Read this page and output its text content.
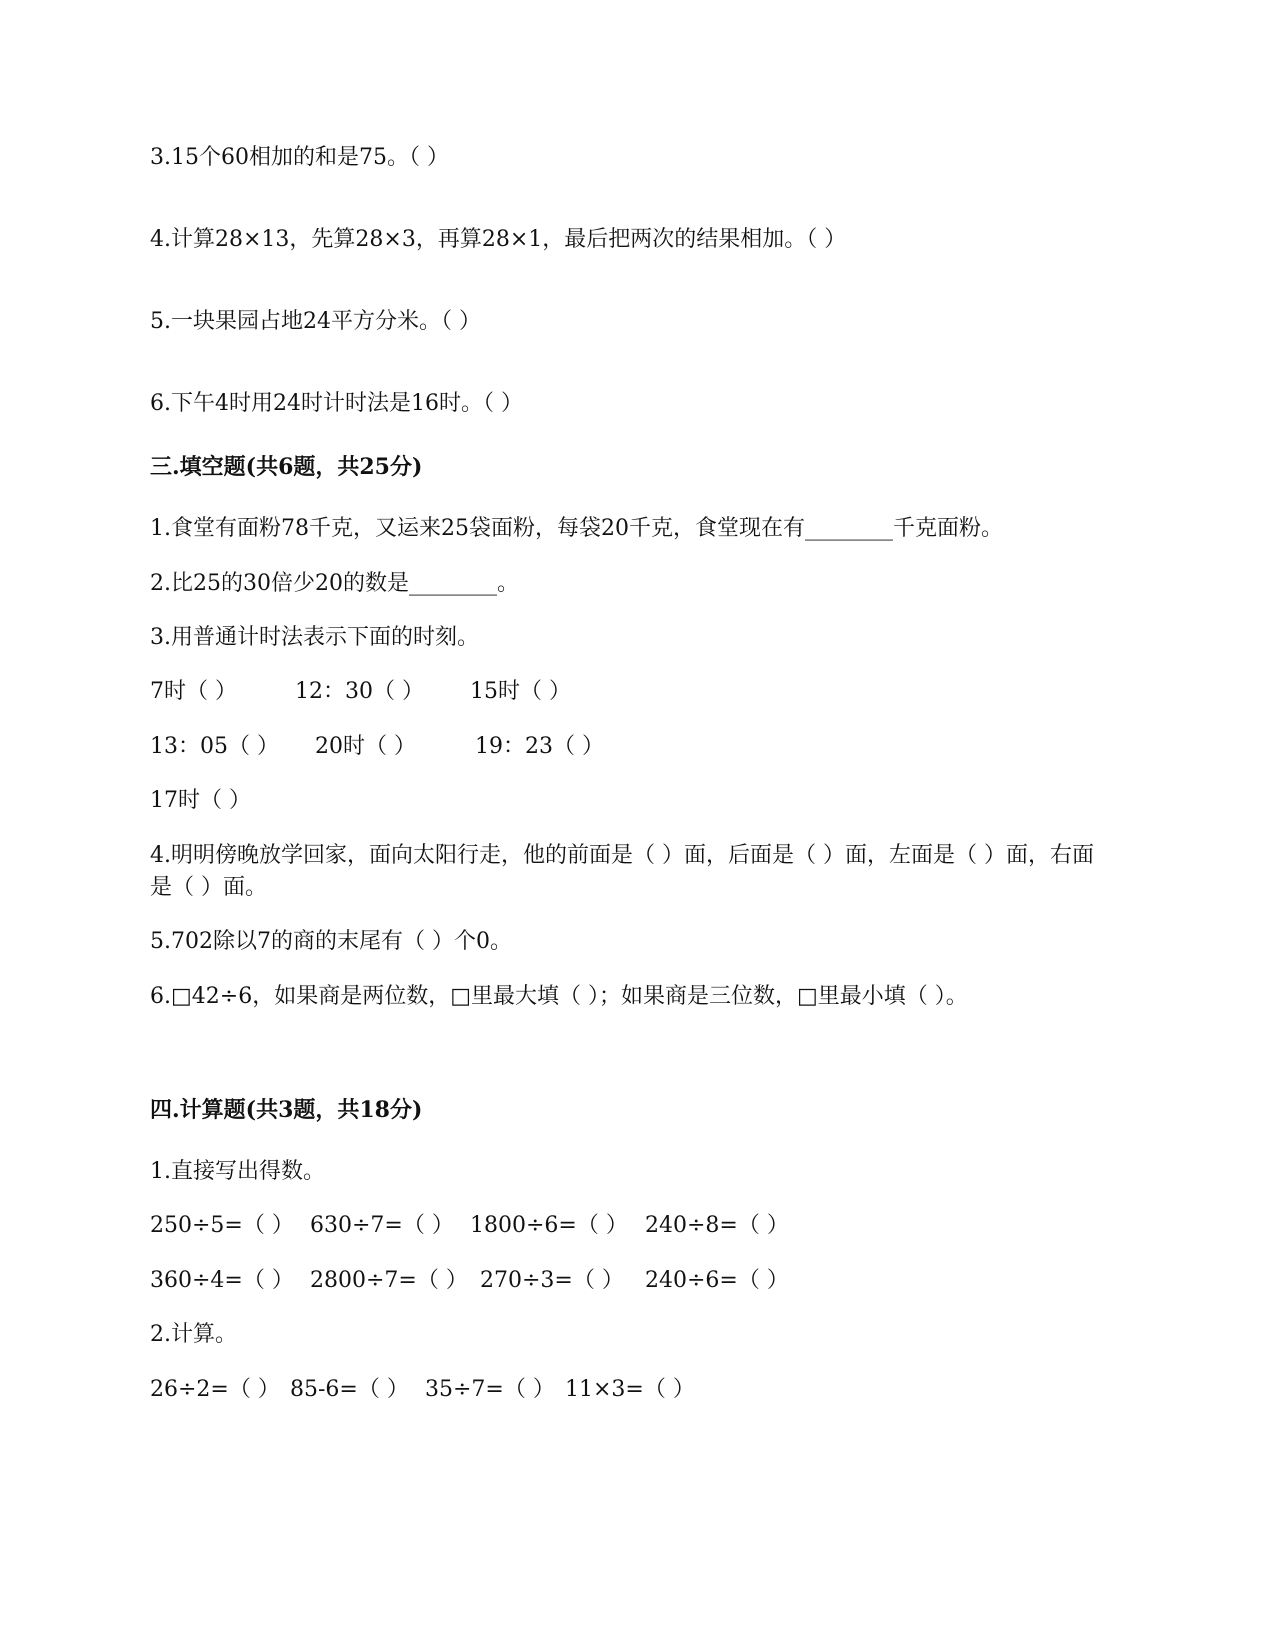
3.15个60相加的和是75。（ ）
4.计算28×13，先算28×3，再算28×1，最后把两次的结果相加。（ ）
5.一块果园占地24平方分米。（ ）
6.下午4时用24时计时法是16时。（ ）
三.填空题(共6题，共25分)
1.食堂有面粉78千克，又运来25袋面粉，每袋20千克，食堂现在有________千克面粉。
2.比25的30倍少20的数是________。
3.用普通计时法表示下面的时刻。
7时（ ）	12：30（ ） 15时（ ）
13：05（ ） 20时（ ）	19：23（ ）
17时（ ）
4.明明傍晚放学回家，面向太阳行走，他的前面是（ ）面，后面是（ ）面，左面是（ ）面，右面是（ ）面。
5.702除以7的商的末尾有（ ）个0。
6.□42÷6，如果商是两位数，□里最大填（ ）；如果商是三位数，□里最小填（ ）。
四.计算题(共3题，共18分)
1.直接写出得数。
250÷5=（ ） 630÷7=（ ） 1800÷6=（ ） 240÷8=（ ）
360÷4=（ ） 2800÷7=（ ） 270÷3=（ ） 240÷6=（ ）
2.计算。
26÷2=（ ） 85-6=（ ） 35÷7=（ ） 11×3=（ ）
